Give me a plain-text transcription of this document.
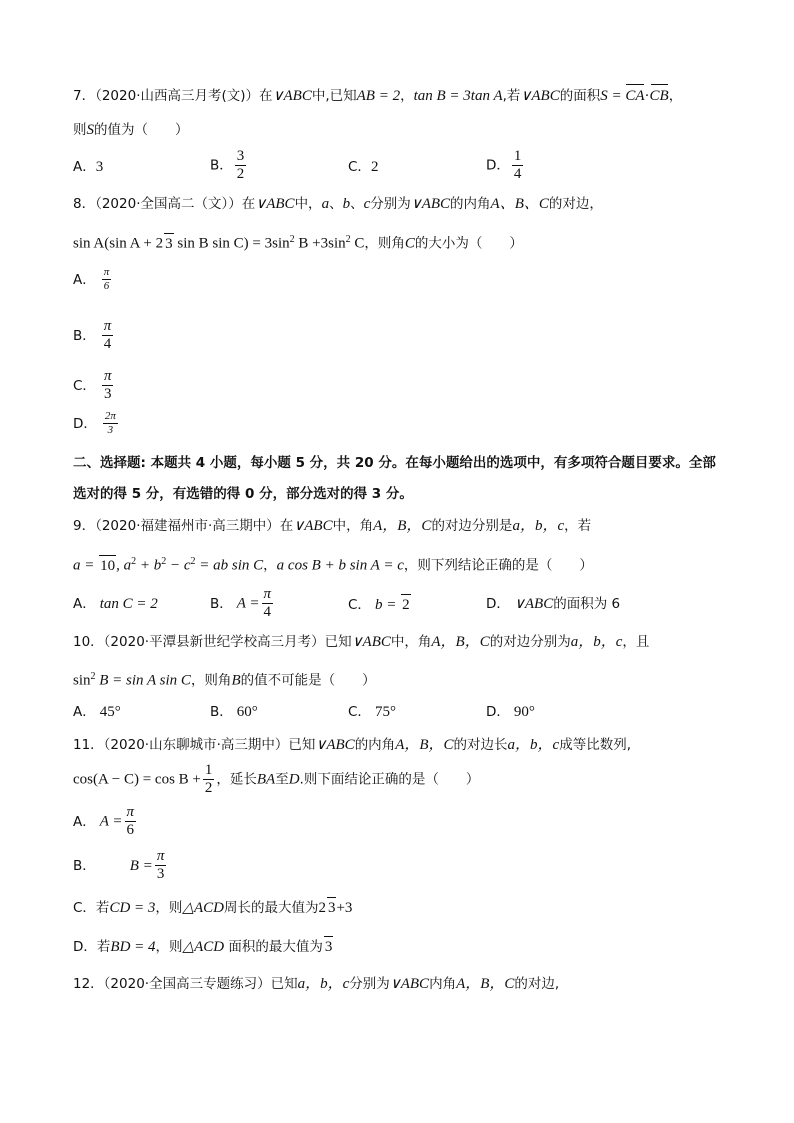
7．（2020·山西高三月考(文)）在∨ABC中,已知AB = 2，tan B = 3tan A,若∨ABC的面积S = CA·CB，
则S的值为（　　）
A．3	B． $\frac{3}{2}$	C．2	D． $\frac{1}{4}$
8．（2020·全国高二（文））在∨ABC中，a、b、c分别为∨ABC的内角A、B、C的对边，
sin A(sin A + 2 3 sin B $\sin C) = 3\sin^2$ $B +3\sin^2$ C，则角C的大小为（　　）
A． $\frac{\pi}{6}$
B． $\frac{\pi}{4}$
C． $\frac{\pi}{3}$
D． $\frac{2\pi}{3}$
二、选择题: 本题共 4 小题，每小题 5 分，共 20 分。在每小题给出的选项中，有多项符合题目要求。全部
选对的得 5 分，有选错的得 0 分，部分选对的得 3 分。
9．（2020·福建福州市·高三期中）在∨ABC中，角A，B，C的对边分别是a，b，c，若
a = 10, $a^2 + b^2 - c^2$ = ab sin C，a cos B + b sin A = c，则下列结论正确的是（　　）
A． tan C = 2	B． $A = \frac{\pi}{4}$	C． b = 2	D． ∨ABC的面积为 6
10．（2020·平潭县新世纪学校高三月考）已知∨ABC中，角A，B，C的对边分别为a，b，c，且
$\sin^2 B = \sin A$ sin C，则角B的值不可能是（　　）
A． 45°	B． 60°	C． 75°	D． 90°
11．（2020·山东聊城市·高三期中）已知∨ABC的内角A，B，C的对边长a，b，c成等比数列,
$\cos(A - C) = \cos B + \frac{1}{2}$ ，延长BA至D.则下面结论正确的是（　　）
A． $A = \frac{\pi}{6}$
B． $B = \frac{\pi}{3}$
C．若CD = 3，则△ACD周长的最大值为2 3+3
D．若BD = 4，则△ACD 面积的最大值为 3
12．（2020·全国高三专题练习）已知a，b，c分别为∨ABC内角A，B，C的对边,
